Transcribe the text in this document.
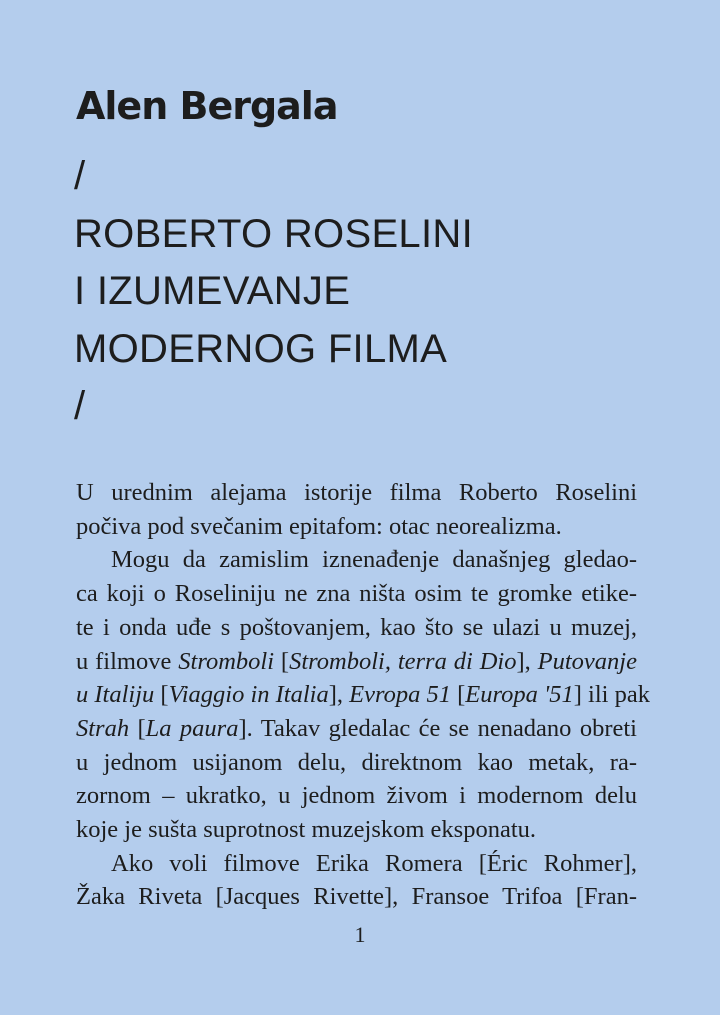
Alen Bergala
/
ROBERTO ROSELINI
I IZUMEVANJE
MODERNOG FILMA
/
U urednim alejama istorije filma Roberto Roselini
počiva pod svečanim epitafom: otac neorealizma.
Mogu da zamislim iznenađenje današnjeg gledao-
ca koji o Roseliniju ne zna ništa osim te gromke etike-
te i onda uđe s poštovanjem, kao što se ulazi u muzej,
u filmove Stromboli [Stromboli, terra di Dio], Putovanje
u Italiju [Viaggio in Italia], Evropa 51 [Europa '51] ili pak
Strah [La paura]. Takav gledalac će se nenadano obreti
u jednom usijanom delu, direktnom kao metak, ra-
zornom – ukratko, u jednom živom i modernom delu
koje je sušta suprotnost muzejskom eksponatu.
Ako voli filmove Erika Romera [Éric Rohmer],
Žaka Riveta [Jacques Rivette], Fransoe Trifoa [Fran-
1
